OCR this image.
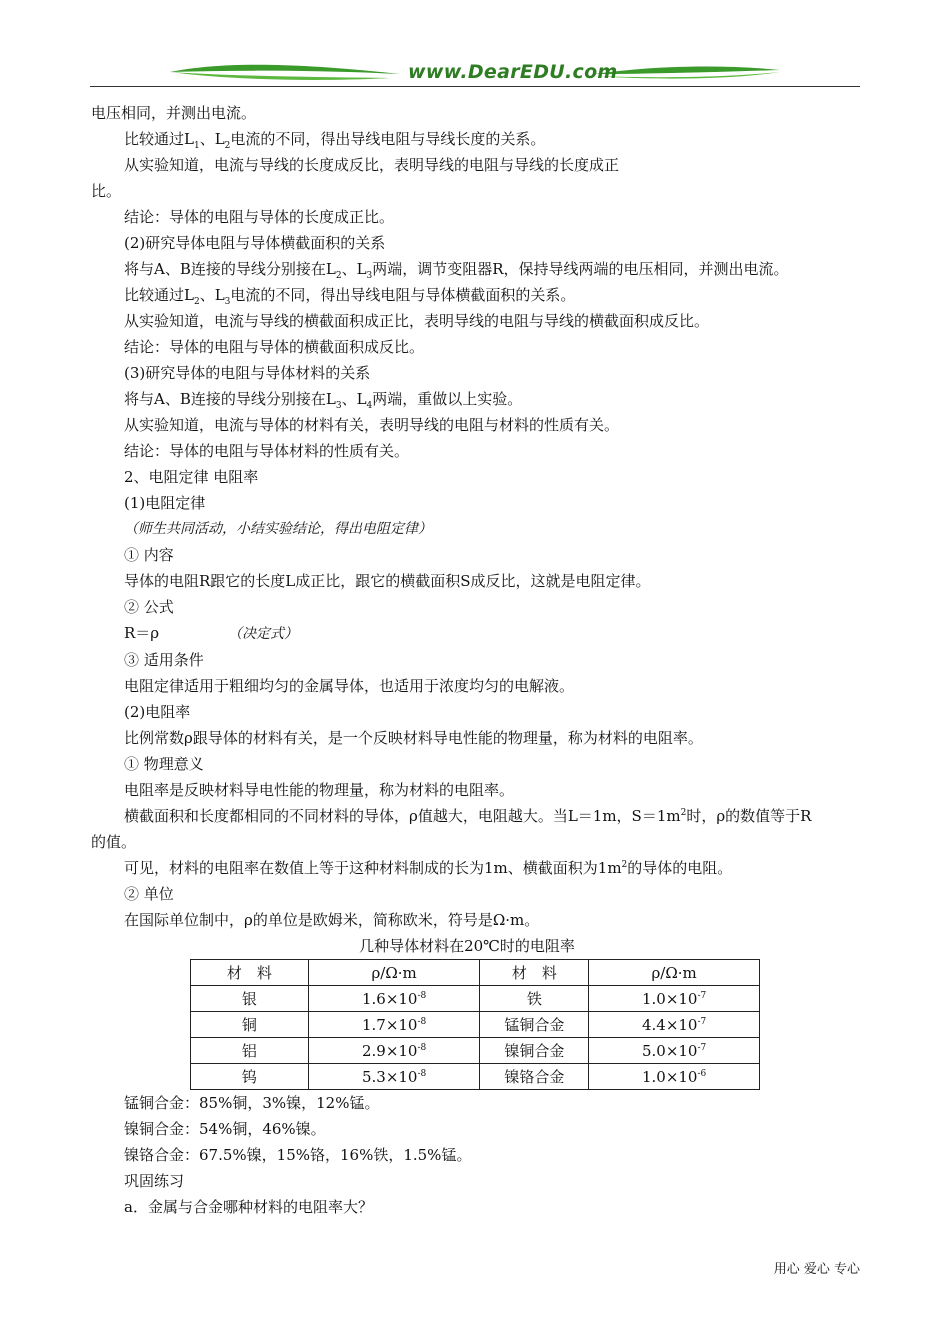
www.DearEDU.com
电压相同，并测出电流。
比较通过$L_1$、$L_2$电流的不同，得出导线电阻与导线长度的关系。
从实验知道，电流与导线的长度成反比，表明导线的电阻与导线的长度成正
比。
结论：导体的电阻与导体的长度成正比。
(2)研究导体电阻与导体横截面积的关系
将与A、B连接的导线分别接在$L_2$、$L_3$两端，调节变阻器R，保持导线两端的电压相同，并测出电流。
比较通过$L_2$、$L_3$电流的不同，得出导线电阻与导体横截面积的关系。
从实验知道，电流与导线的横截面积成正比，表明导线的电阻与导线的横截面积成反比。
结论：导体的电阻与导体的横截面积成反比。
(3)研究导体的电阻与导体材料的关系
将与A、B连接的导线分别接在$L_3$、$L_4$两端，重做以上实验。
从实验知道，电流与导体的材料有关，表明导线的电阻与材料的性质有关。
结论：导体的电阻与导体材料的性质有关。
2、电阻定律 电阻率
(1)电阻定律
（师生共同活动，小结实验结论，得出电阻定律）
① 内容
导体的电阻R跟它的长度L成正比，跟它的横截面积S成反比，这就是电阻定律。
② 公式
R＝ρ	（决定式）
③ 适用条件
电阻定律适用于粗细均匀的金属导体，也适用于浓度均匀的电解液。
(2)电阻率
比例常数ρ跟导体的材料有关，是一个反映材料导电性能的物理量，称为材料的电阻率。
① 物理意义
电阻率是反映材料导电性能的物理量，称为材料的电阻率。
横截面积和长度都相同的不同材料的导体，ρ值越大，电阻越大。当L＝1m，$S=1m^2$时，ρ的数值等于R
的值。
可见，材料的电阻率在数值上等于这种材料制成的长为1m、横截面积为$1m^2$的导体的电阻。
② 单位
在国际单位制中，ρ的单位是欧姆米，简称欧米，符号是Ω·m。
几种导体材料在20℃时的电阻率
材　料	ρ/Ω·m	材　料	ρ/Ω·m
银	$1.6\times 10^{-8}$	铁	$1.0\times 10^{-7}$
铜	$1.7\times 10^{-8}$	锰铜合金	$4.4\times 10^{-7}$
铝	$2.9\times 10^{-8}$	镍铜合金	$5.0\times 10^{-7}$
钨	$5.3\times 10^{-8}$	镍铬合金	$1.0\times 10^{-6}$
锰铜合金：85%铜，3%镍，12%锰。
镍铜合金：54%铜，46%镍。
镍铬合金：67.5%镍，15%铬，16%铁，1.5%锰。
巩固练习
a．金属与合金哪种材料的电阻率大？
用心 爱心 专心
